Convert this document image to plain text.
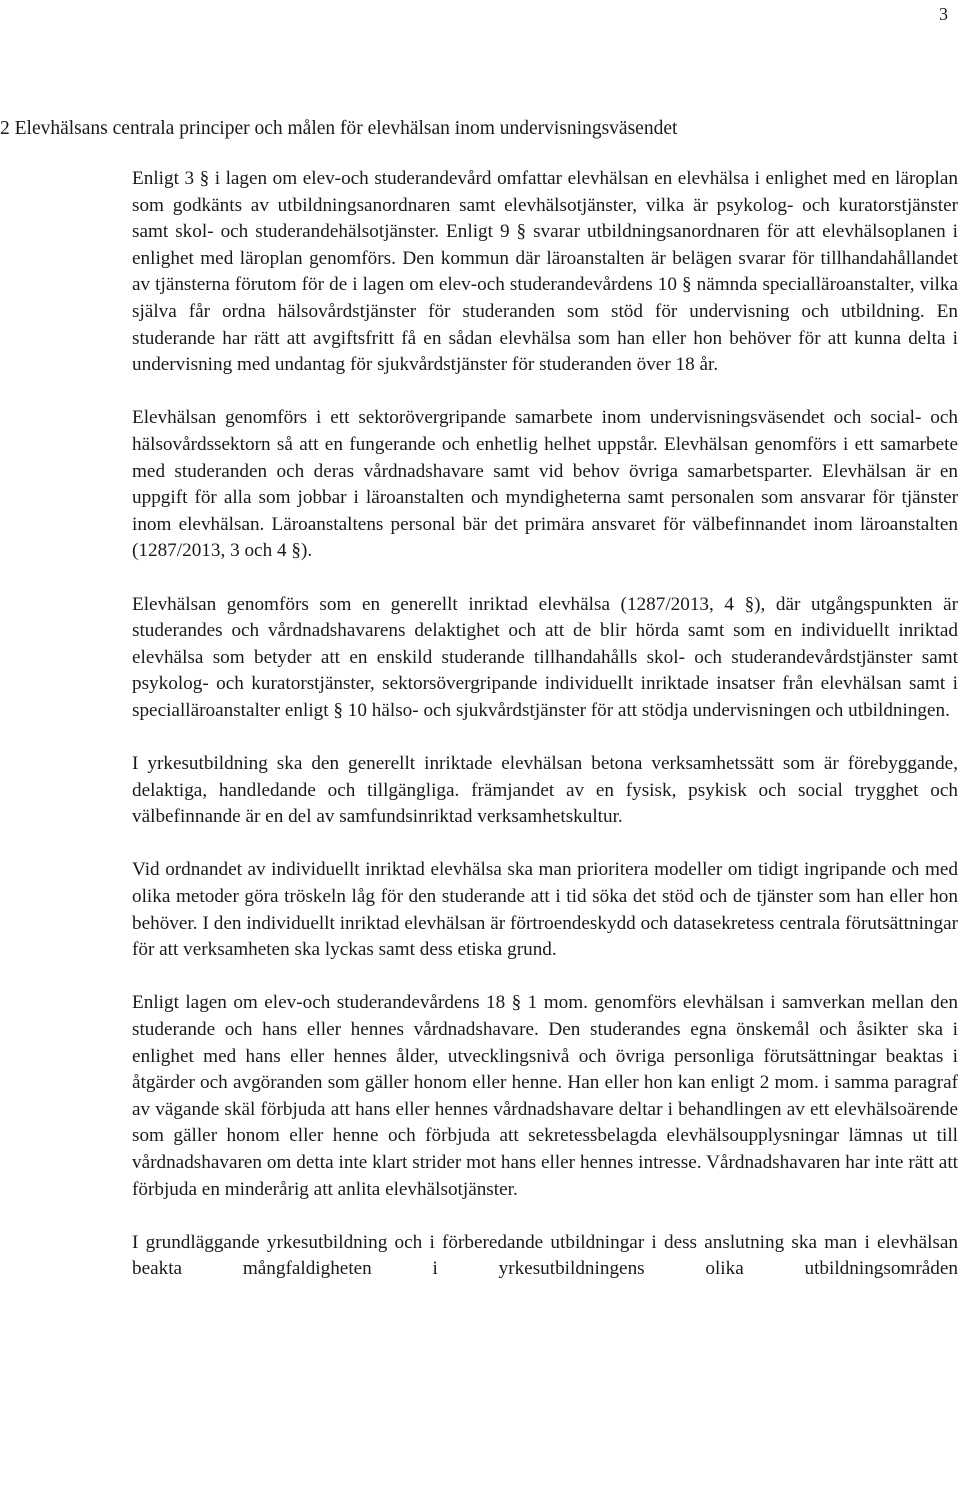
3
2 Elevhälsans centrala principer och målen för elevhälsan inom undervisningsväsendet

Enligt 3 § i lagen om elev-och studerandevård omfattar elevhälsan en elevhälsa i enlighet med en läroplan som godkänts av utbildningsanordnaren samt elevhälsotjänster, vilka är psykolog- och kuratorstjänster samt skol- och studerandehälsotjänster. Enligt 9 § svarar utbildningsanordnaren för att elevhälsoplanen i enlighet med läroplan genomförs. Den kommun där läroanstalten är belägen svarar för tillhandahållandet av tjänsterna förutom för de i lagen om elev-och studerandevårdens 10 § nämnda specialläroanstalter, vilka själva får ordna hälsovårdstjänster för studeranden som stöd för undervisning och utbildning. En studerande har rätt att avgiftsfritt få en sådan elevhälsa som han eller hon behöver för att kunna delta i undervisning med undantag för sjukvårdstjänster för studeranden över 18 år.

Elevhälsan genomförs i ett sektorövergripande samarbete inom undervisningsväsendet och social- och hälsovårdssektorn så att en fungerande och enhetlig helhet uppstår. Elevhälsan genomförs i ett samarbete med studeranden och deras vårdnadshavare samt vid behov övriga samarbetsparter. Elevhälsan är en uppgift för alla som jobbar i läroanstalten och myndigheterna samt personalen som ansvarar för tjänster inom elevhälsan. Läroanstaltens personal bär det primära ansvaret för välbefinnandet inom läroanstalten (1287/2013, 3 och 4 §).

Elevhälsan genomförs som en generellt inriktad elevhälsa (1287/2013, 4 §), där utgångspunkten är studerandes och vårdnadshavarens delaktighet och att de blir hörda samt som en individuellt inriktad elevhälsa som betyder att en enskild studerande tillhandahålls skol- och studerandevårdstjänster samt psykolog- och kuratorstjänster, sektorsövergripande individuellt inriktade insatser från elevhälsan samt i specialläroanstalter enligt § 10 hälso- och sjukvårdstjänster för att stödja undervisningen och utbildningen.

I yrkesutbildning ska den generellt inriktade elevhälsan betona verksamhetssätt som är förebyggande, delaktiga, handledande och tillgängliga. främjandet av en fysisk, psykisk och social trygghet och välbefinnande är en del av samfundsinriktad verksamhetskultur.

Vid ordnandet av individuellt inriktad elevhälsa ska man prioritera modeller om tidigt ingripande och med olika metoder göra tröskeln låg för den studerande att i tid söka det stöd och de tjänster som han eller hon behöver. I den individuellt inriktad elevhälsan är förtroendeskydd och datasekretess centrala förutsättningar för att verksamheten ska lyckas samt dess etiska grund.

Enligt lagen om elev-och studerandevårdens 18 § 1 mom. genomförs elevhälsan i samverkan mellan den studerande och hans eller hennes vårdnadshavare. Den studerandes egna önskemål och åsikter ska i enlighet med hans eller hennes ålder, utvecklingsnivå och övriga personliga förutsättningar beaktas i åtgärder och avgöranden som gäller honom eller henne. Han eller hon kan enligt 2 mom. i samma paragraf av vägande skäl förbjuda att hans eller hennes vårdnadshavare deltar i behandlingen av ett elevhälsoärende som gäller honom eller henne och förbjuda att sekretessbelagda elevhälsoupplysningar lämnas ut till vårdnadshavaren om detta inte klart strider mot hans eller hennes intresse. Vårdnadshavaren har inte rätt att förbjuda en minderårig att anlita elevhälsotjänster.

I grundläggande yrkesutbildning och i förberedande utbildningar i dess anslutning ska man i elevhälsan beakta mångfaldigheten i yrkesutbildningens olika utbildningsområden
